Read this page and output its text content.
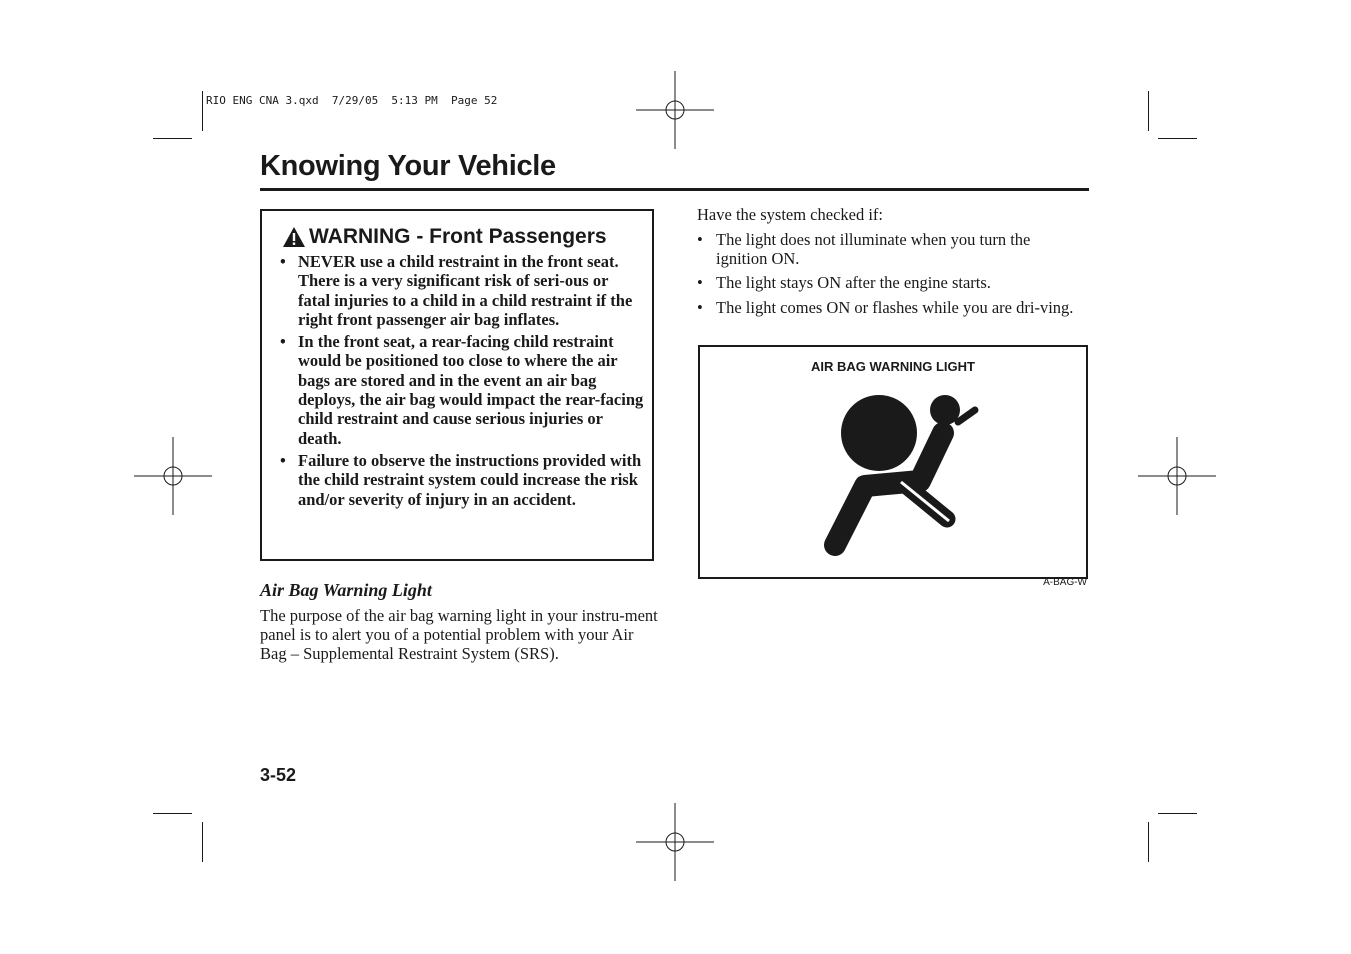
RIO ENG CNA 3.qxd  7/29/05  5:13 PM  Page 52
Knowing Your Vehicle
WARNING - Front Passengers
• NEVER use a child restraint in the front seat. There is a very significant risk of seri-ous or fatal injuries to a child in a child restraint if the right front passenger air bag inflates.
• In the front seat, a rear-facing child restraint would be positioned too close to where the air bags are stored and in the event an air bag deploys, the air bag would impact the rear-facing child restraint and cause serious injuries or death.
• Failure to observe the instructions provided with the child restraint system could increase the risk and/or severity of injury in an accident.
Air Bag Warning Light
The purpose of the air bag warning light in your instru-ment panel is to alert you of a potential problem with your Air Bag – Supplemental Restraint System (SRS).
Have the system checked if:
• The light does not illuminate when you turn the ignition ON.
• The light stays ON after the engine starts.
• The light comes ON or flashes while you are dri-ving.
AIR BAG WARNING LIGHT
A-BAG-W
3-52
